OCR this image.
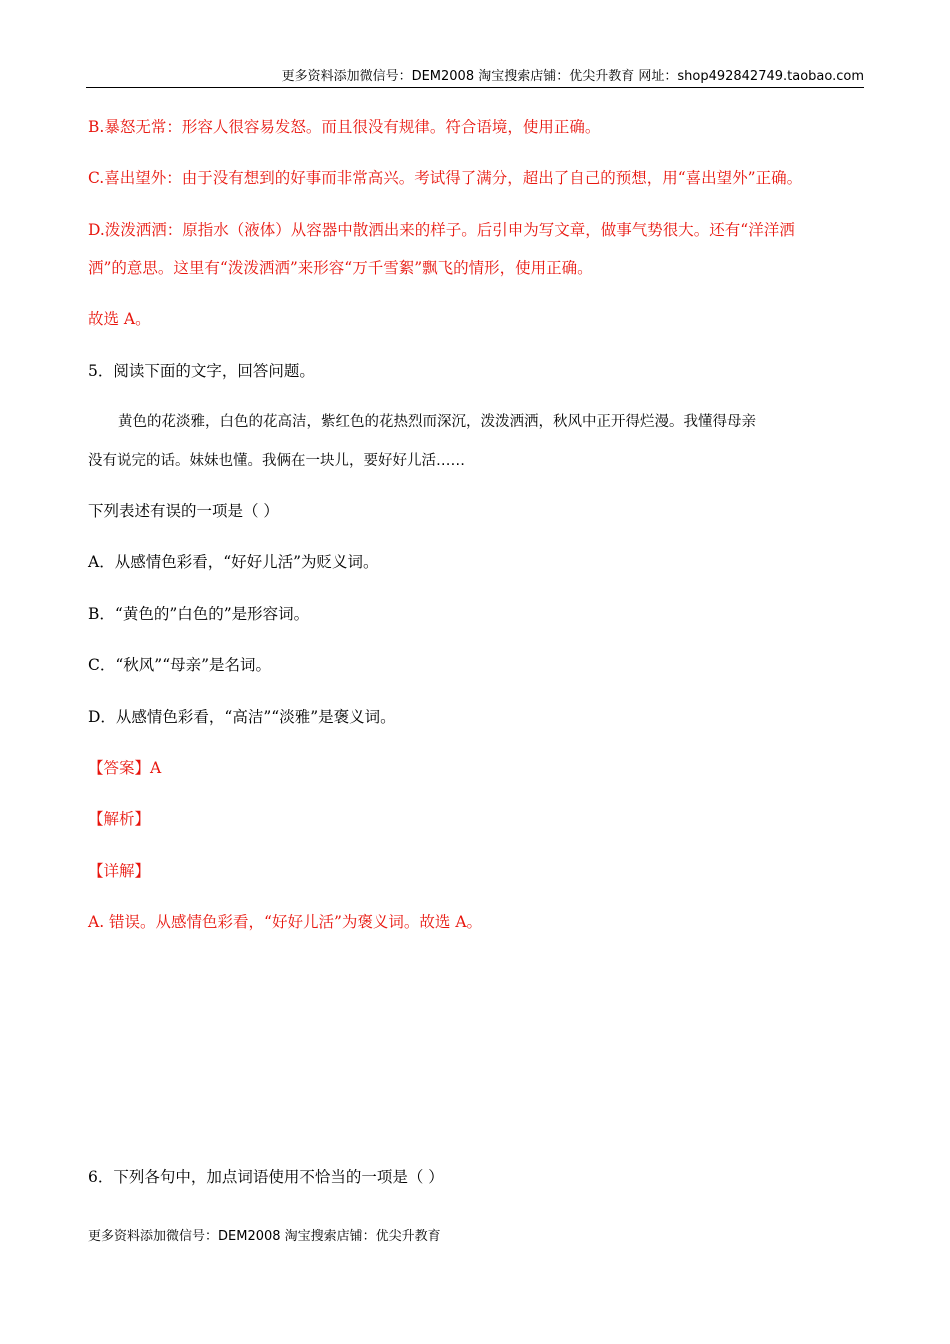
更多资料添加微信号：DEM2008 淘宝搜索店铺：优尖升教育 网址：shop492842749.taobao.com
B.暴怒无常：形容人很容易发怒。而且很没有规律。符合语境，使用正确。
C.喜出望外：由于没有想到的好事而非常高兴。考试得了满分，超出了自己的预想，用“喜出望外”正确。
D.泼泼洒洒：原指水（液体）从容器中散洒出来的样子。后引申为写文章，做事气势很大。还有“洋洋洒
洒”的意思。这里有“泼泼洒洒”来形容“万千雪絮”飘飞的情形，使用正确。
故选 A。
5．阅读下面的文字，回答问题。
黄色的花淡雅，白色的花高洁，紫红色的花热烈而深沉，泼泼洒洒，秋风中正开得烂漫。我懂得母亲
没有说完的话。妹妹也懂。我俩在一块儿，要好好儿活……
下列表述有误的一项是（ ）
A．从感情色彩看，“好好儿活”为贬义词。
B．“黄色的”白色的”是形容词。
C．“秋风”“母亲”是名词。
D．从感情色彩看，“高洁”“淡雅”是褒义词。
【答案】A
【解析】
【详解】
A. 错误。从感情色彩看，“好好儿活”为褒义词。故选 A。
6．下列各句中，加点词语使用不恰当的一项是（ ）
更多资料添加微信号：DEM2008 淘宝搜索店铺：优尖升教育
